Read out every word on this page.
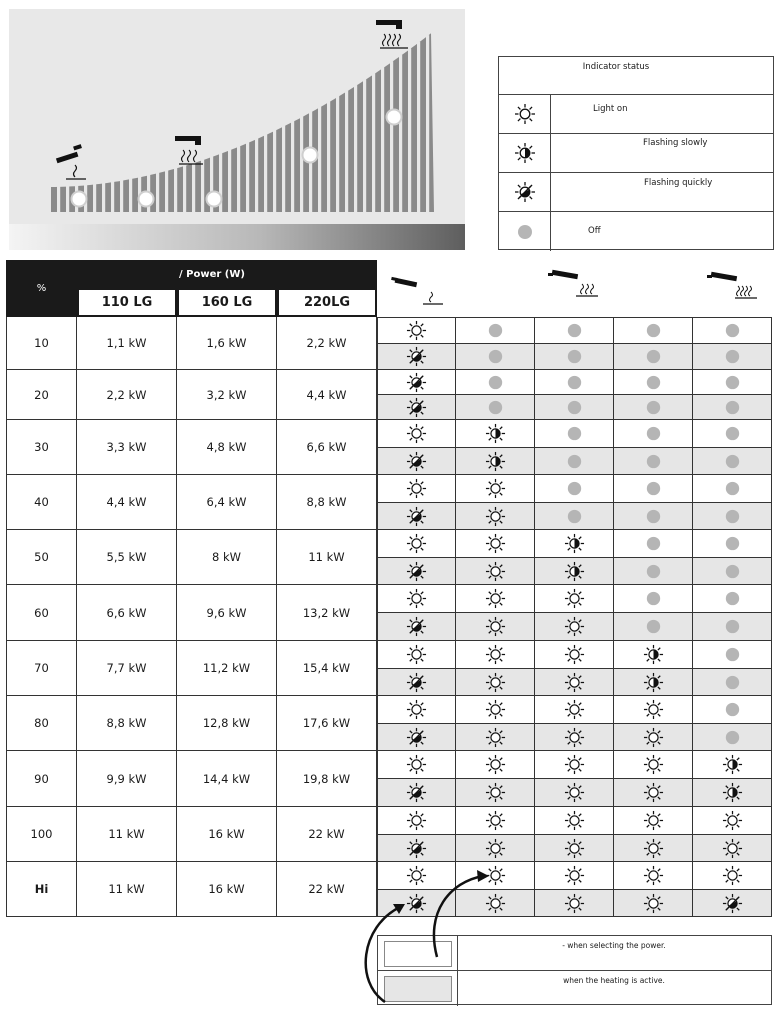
Indicator status
Light on
Flashing slowly
Flashing quickly
Off
%
/ Power (W)
110 LG	160 LG	220LG
10	1,1 kW	1,6 kW	2,2 kW
20	2,2 kW	3,2 kW	4,4 kW
30	3,3 kW	4,8 kW	6,6 kW
40	4,4 kW	6,4 kW	8,8 kW
50	5,5 kW	8 kW	11 kW
60	6,6 kW	9,6 kW	13,2 kW
70	7,7 kW	11,2 kW	15,4 kW
80	8,8 kW	12,8 kW	17,6 kW
90	9,9 kW	14,4 kW	19,8 kW
100	11 kW	16 kW	22 kW
Hi	11 kW	16 kW	22 kW
- when selecting the power.
when the heating is active.
